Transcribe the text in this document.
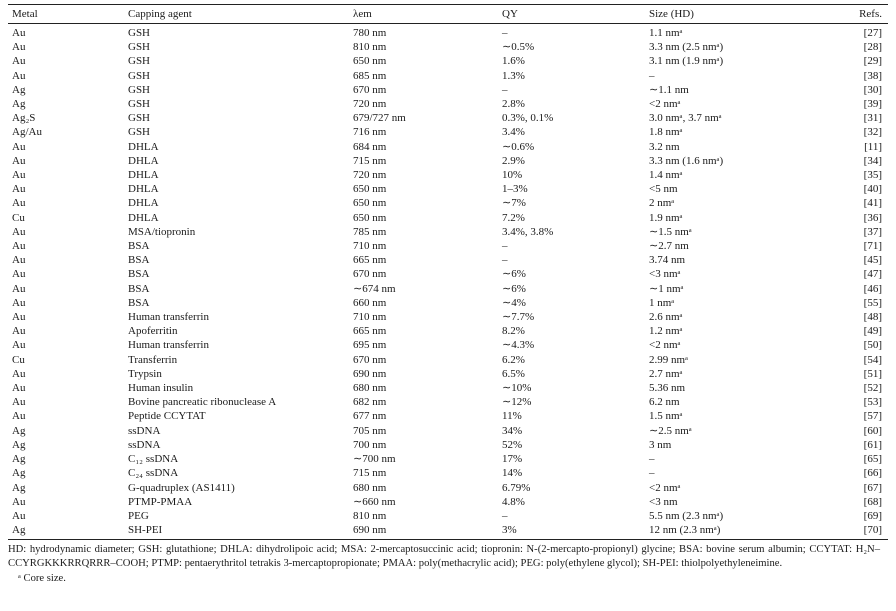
Metal	Capping agent	λem	QY	Size (HD)	Refs.
Au	GSH	780 nm	–	1.1 nmᵃ	[27]
Au	GSH	810 nm	∼0.5%	3.3 nm (2.5 nmᵃ)	[28]
Au	GSH	650 nm	1.6%	3.1 nm (1.9 nmᵃ)	[29]
Au	GSH	685 nm	1.3%	–	[38]
Ag	GSH	670 nm	–	∼1.1 nm	[30]
Ag	GSH	720 nm	2.8%	<2 nmᵃ	[39]
Ag₂S	GSH	679/727 nm	0.3%, 0.1%	3.0 nmᵃ, 3.7 nmᵃ	[31]
Ag/Au	GSH	716 nm	3.4%	1.8 nmᵃ	[32]
Au	DHLA	684 nm	∼0.6%	3.2 nm	[11]
Au	DHLA	715 nm	2.9%	3.3 nm (1.6 nmᵃ)	[34]
Au	DHLA	720 nm	10%	1.4 nmᵃ	[35]
Au	DHLA	650 nm	1–3%	<5 nm	[40]
Au	DHLA	650 nm	∼7%	2 nmᵃ	[41]
Cu	DHLA	650 nm	7.2%	1.9 nmᵃ	[36]
Au	MSA/tiopronin	785 nm	3.4%, 3.8%	∼1.5 nmᵃ	[37]
Au	BSA	710 nm	–	∼2.7 nm	[71]
Au	BSA	665 nm	–	3.74 nm	[45]
Au	BSA	670 nm	∼6%	<3 nmᵃ	[47]
Au	BSA	∼674 nm	∼6%	∼1 nmᵃ	[46]
Au	BSA	660 nm	∼4%	1 nmᵃ	[55]
Au	Human transferrin	710 nm	∼7.7%	2.6 nmᵃ	[48]
Au	Apoferritin	665 nm	8.2%	1.2 nmᵃ	[49]
Au	Human transferrin	695 nm	∼4.3%	<2 nmᵃ	[50]
Cu	Transferrin	670 nm	6.2%	2.99 nmᵃ	[54]
Au	Trypsin	690 nm	6.5%	2.7 nmᵃ	[51]
Au	Human insulin	680 nm	∼10%	5.36 nm	[52]
Au	Bovine pancreatic ribonuclease A	682 nm	∼12%	6.2 nm	[53]
Au	Peptide CCYTAT	677 nm	11%	1.5 nmᵃ	[57]
Ag	ssDNA	705 nm	34%	∼2.5 nmᵃ	[60]
Ag	ssDNA	700 nm	52%	3 nm	[61]
Ag	C₁₂ ssDNA	∼700 nm	17%	–	[65]
Ag	C₂₄ ssDNA	715 nm	14%	–	[66]
Ag	G-quadruplex (AS1411)	680 nm	6.79%	<2 nmᵃ	[67]
Au	PTMP-PMAA	∼660 nm	4.8%	<3 nm	[68]
Au	PEG	810 nm	–	5.5 nm (2.3 nmᵃ)	[69]
Ag	SH-PEI	690 nm	3%	12 nm (2.3 nmᵃ)	[70]
HD: hydrodynamic diameter; GSH: glutathione; DHLA: dihydrolipoic acid; MSA: 2-mercaptosuccinic acid; tiopronin: N-(2-mercapto-propionyl) glycine; BSA: bovine serum albumin; CCYTAT: H₂N–CCYRGKKKRRQRRR–COOH; PTMP: pentaerythritol tetrakis 3-mercaptopropionate; PMAA: poly(methacrylic acid); PEG: poly(ethylene glycol); SH-PEI: thiolpolyethyleneimine.
ᵃ Core size.
